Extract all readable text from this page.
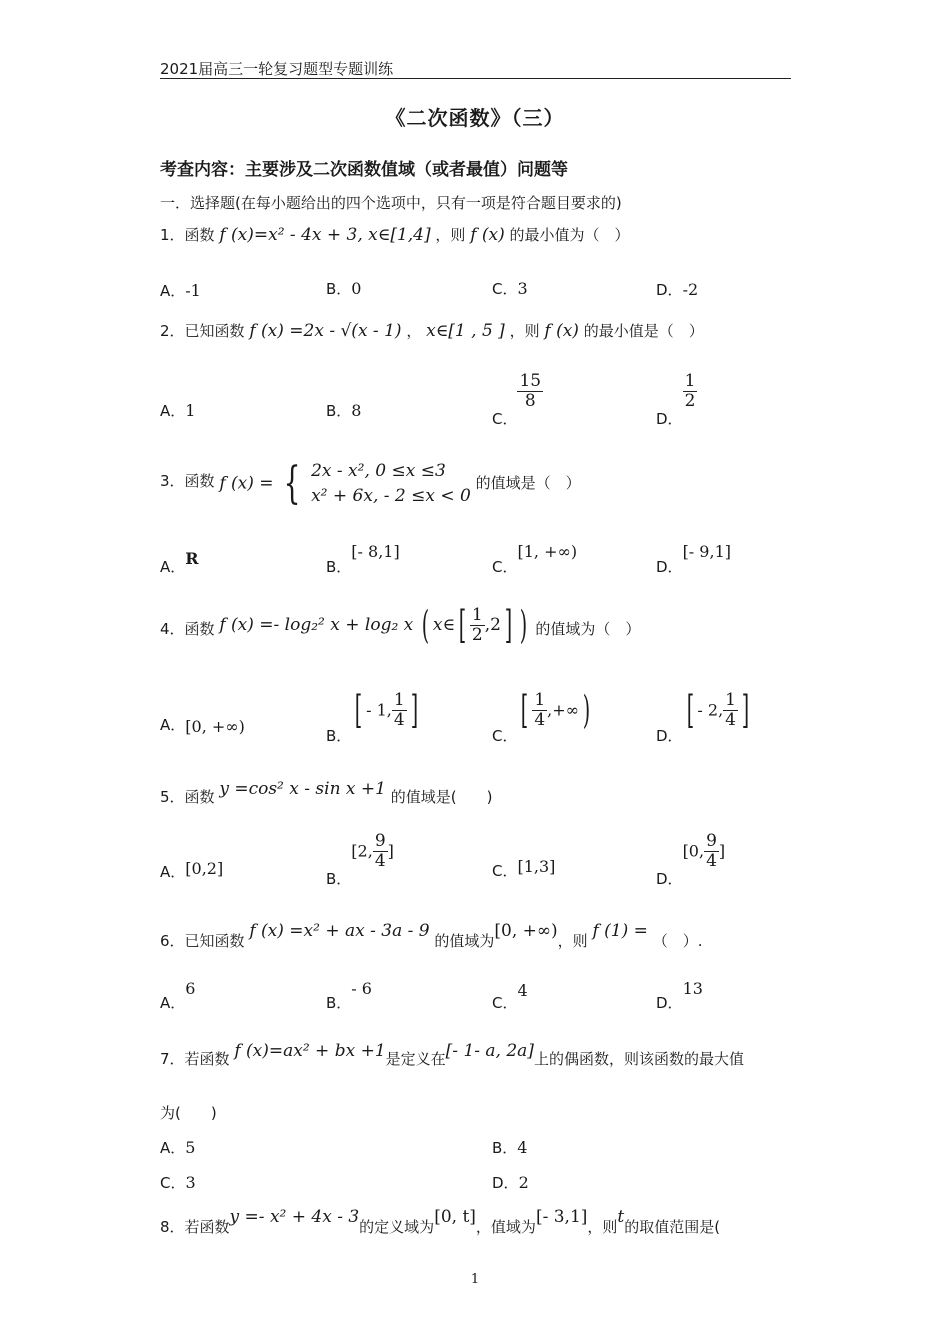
2021届高三一轮复习题型专题训练
《二次函数》（三）
考查内容：主要涉及二次函数值域（或者最值）问题等
一．选择题(在每小题给出的四个选项中，只有一项是符合题目要求的)
1．函数 f (x)=x² - 4x + 3, x∈[1,4] ，则 f (x) 的最小值为（　）
A．-1	B．0	C．3	D．-2
2．已知函数 f (x) =2x - √(x - 1) ， x∈[1 , 5 ] ，则 f (x) 的最小值是（　）
A．1	B．8	C．
$\frac{15}{8}$
D．
$\frac{1}{2}$
3．函数 f (x) = { 2x - x², 0 ≤x ≤3
x² + 6x, - 2 ≤x < 0
的值域是（　）
A．R	B．[- 8,1]
C．[1, +∞)
D．[- 9,1]
4．函数 f (x) =- log₂² x + log₂ x ( x∈[ $\frac{1}{2} ,2$] ) 的值域为（　）
A．[0, +∞)	B．[ - 1, $\frac{1}{4}$ ]
C．[ $\frac{1}{4}$ ,+∞)
D．[ - 2, $\frac{1}{4}$ ]
5．函数 y =cos² x - sin x +1 的值域是(　　)
A．[0,2]
B．[2, $\frac{9}{4}$ ]
C．[1,3]
D．[0, $\frac{9}{4}$ ]
6．已知函数 f (x) =x² + ax - 3a - 9 的值域为[0, +∞)，则 f (1) = （　）.
A．6
B．- 6
C．4
D．13
7．若函数 f (x)=ax² + bx +1是定义在[- 1- a, 2a]上的偶函数，则该函数的最大值
为(　　)
A．5	B．4
C．3	D．2
8．若函数y =- x² + 4x - 3的定义域为[0, t]，值域为[- 3,1]，则t的取值范围是(
1
